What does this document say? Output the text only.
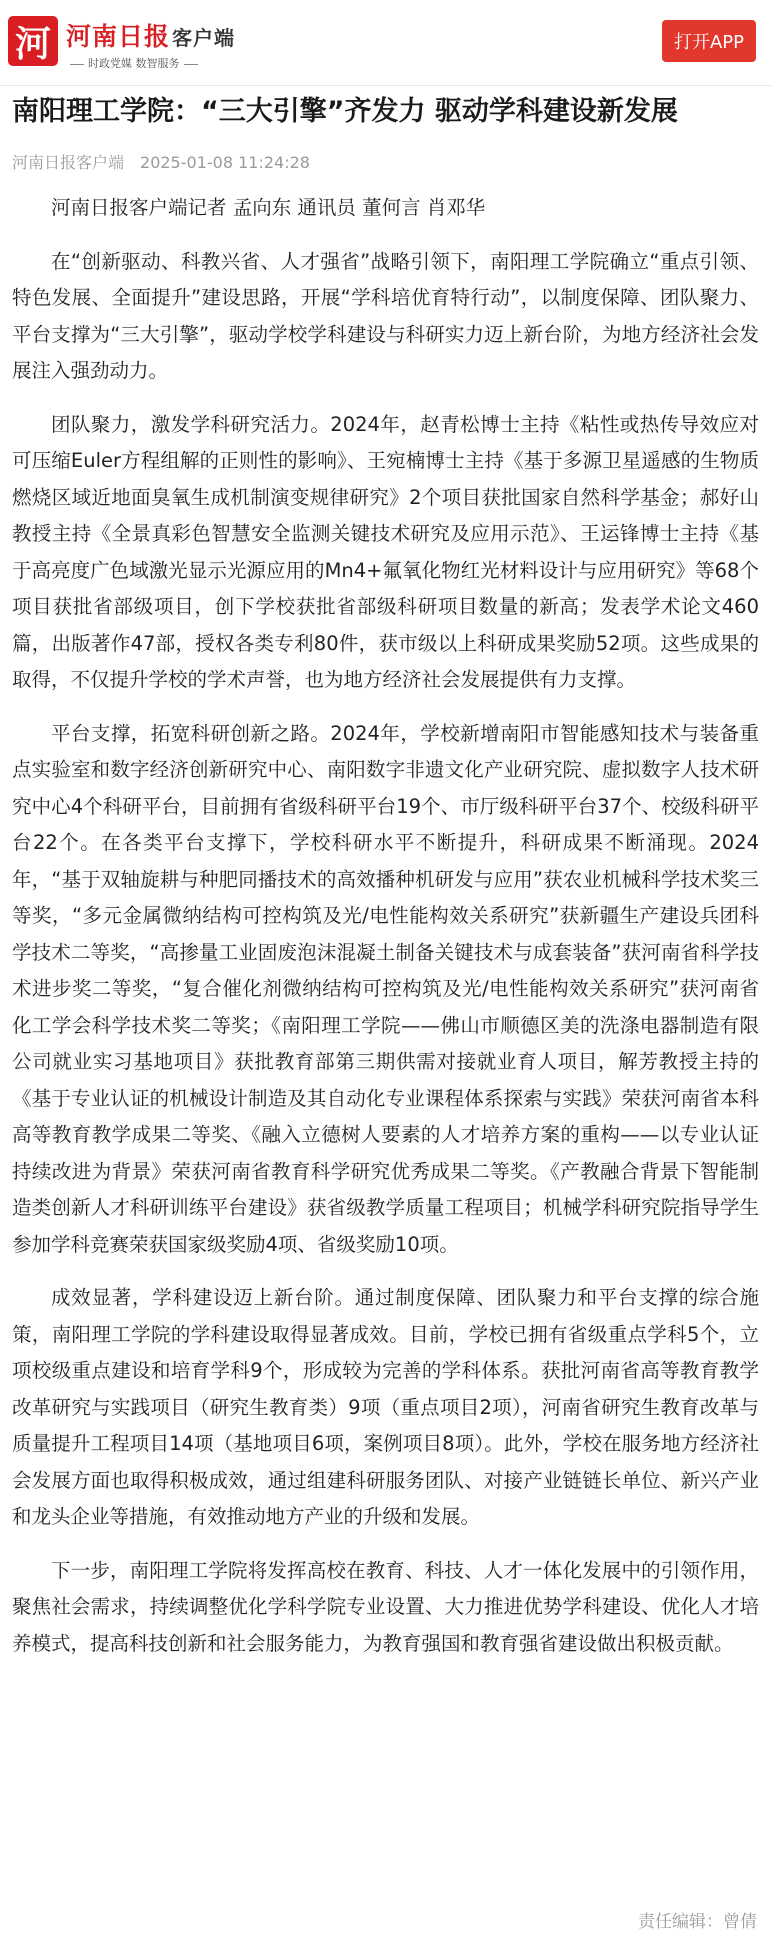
河 河南日报 客户端
时政党媒 数智服务
打开APP
南阳理工学院：“三大引擎”齐发力 驱动学科建设新发展
河南日报客户端 2025-01-08 11:24:28

河南日报客户端记者 孟向东 通讯员 董何言 肖邓华

在“创新驱动、科教兴省、人才强省”战略引领下，南阳理工学院确立“重点引领、特色发展、全面提升”建设思路，开展“学科培优育特行动”，以制度保障、团队聚力、平台支撑为“三大引擎”，驱动学校学科建设与科研实力迈上新台阶，为地方经济社会发展注入强劲动力。

团队聚力，激发学科研究活力。2024年，赵青松博士主持《粘性或热传导效应对可压缩Euler方程组解的正则性的影响》、王宛楠博士主持《基于多源卫星遥感的生物质燃烧区域近地面臭氧生成机制演变规律研究》2个项目获批国家自然科学基金；郝好山教授主持《全景真彩色智慧安全监测关键技术研究及应用示范》、王运锋博士主持《基于高亮度广色域激光显示光源应用的Mn4+氟氧化物红光材料设计与应用研究》等68个项目获批省部级项目，创下学校获批省部级科研项目数量的新高；发表学术论文460篇，出版著作47部，授权各类专利80件，获市级以上科研成果奖励52项。这些成果的取得，不仅提升学校的学术声誉，也为地方经济社会发展提供有力支撑。

平台支撑，拓宽科研创新之路。2024年，学校新增南阳市智能感知技术与装备重点实验室和数字经济创新研究中心、南阳数字非遗文化产业研究院、虚拟数字人技术研究中心4个科研平台，目前拥有省级科研平台19个、市厅级科研平台37个、校级科研平台22个。在各类平台支撑下，学校科研水平不断提升，科研成果不断涌现。2024年，“基于双轴旋耕与种肥同播技术的高效播种机研发与应用”获农业机械科学技术奖三等奖，“多元金属微纳结构可控构筑及光/电性能构效关系研究”获新疆生产建设兵团科学技术二等奖，“高掺量工业固废泡沫混凝土制备关键技术与成套装备”获河南省科学技术进步奖二等奖，“复合催化剂微纳结构可控构筑及光/电性能构效关系研究”获河南省化工学会科学技术奖二等奖；《南阳理工学院——佛山市顺德区美的洗涤电器制造有限公司就业实习基地项目》获批教育部第三期供需对接就业育人项目，解芳教授主持的《基于专业认证的机械设计制造及其自动化专业课程体系探索与实践》荣获河南省本科高等教育教学成果二等奖、《融入立德树人要素的人才培养方案的重构——以专业认证持续改进为背景》荣获河南省教育科学研究优秀成果二等奖。《产教融合背景下智能制造类创新人才科研训练平台建设》获省级教学质量工程项目；机械学科研究院指导学生参加学科竞赛荣获国家级奖励4项、省级奖励10项。

成效显著，学科建设迈上新台阶。通过制度保障、团队聚力和平台支撑的综合施策，南阳理工学院的学科建设取得显著成效。目前，学校已拥有省级重点学科5个，立项校级重点建设和培育学科9个，形成较为完善的学科体系。获批河南省高等教育教学改革研究与实践项目（研究生教育类）9项（重点项目2项），河南省研究生教育改革与质量提升工程项目14项（基地项目6项，案例项目8项）。此外，学校在服务地方经济社会发展方面也取得积极成效，通过组建科研服务团队、对接产业链链长单位、新兴产业和龙头企业等措施，有效推动地方产业的升级和发展。

下一步，南阳理工学院将发挥高校在教育、科技、人才一体化发展中的引领作用，聚焦社会需求，持续调整优化学科学院专业设置、大力推进优势学科建设、优化人才培养模式，提高科技创新和社会服务能力，为教育强国和教育强省建设做出积极贡献。

责任编辑：曾倩
